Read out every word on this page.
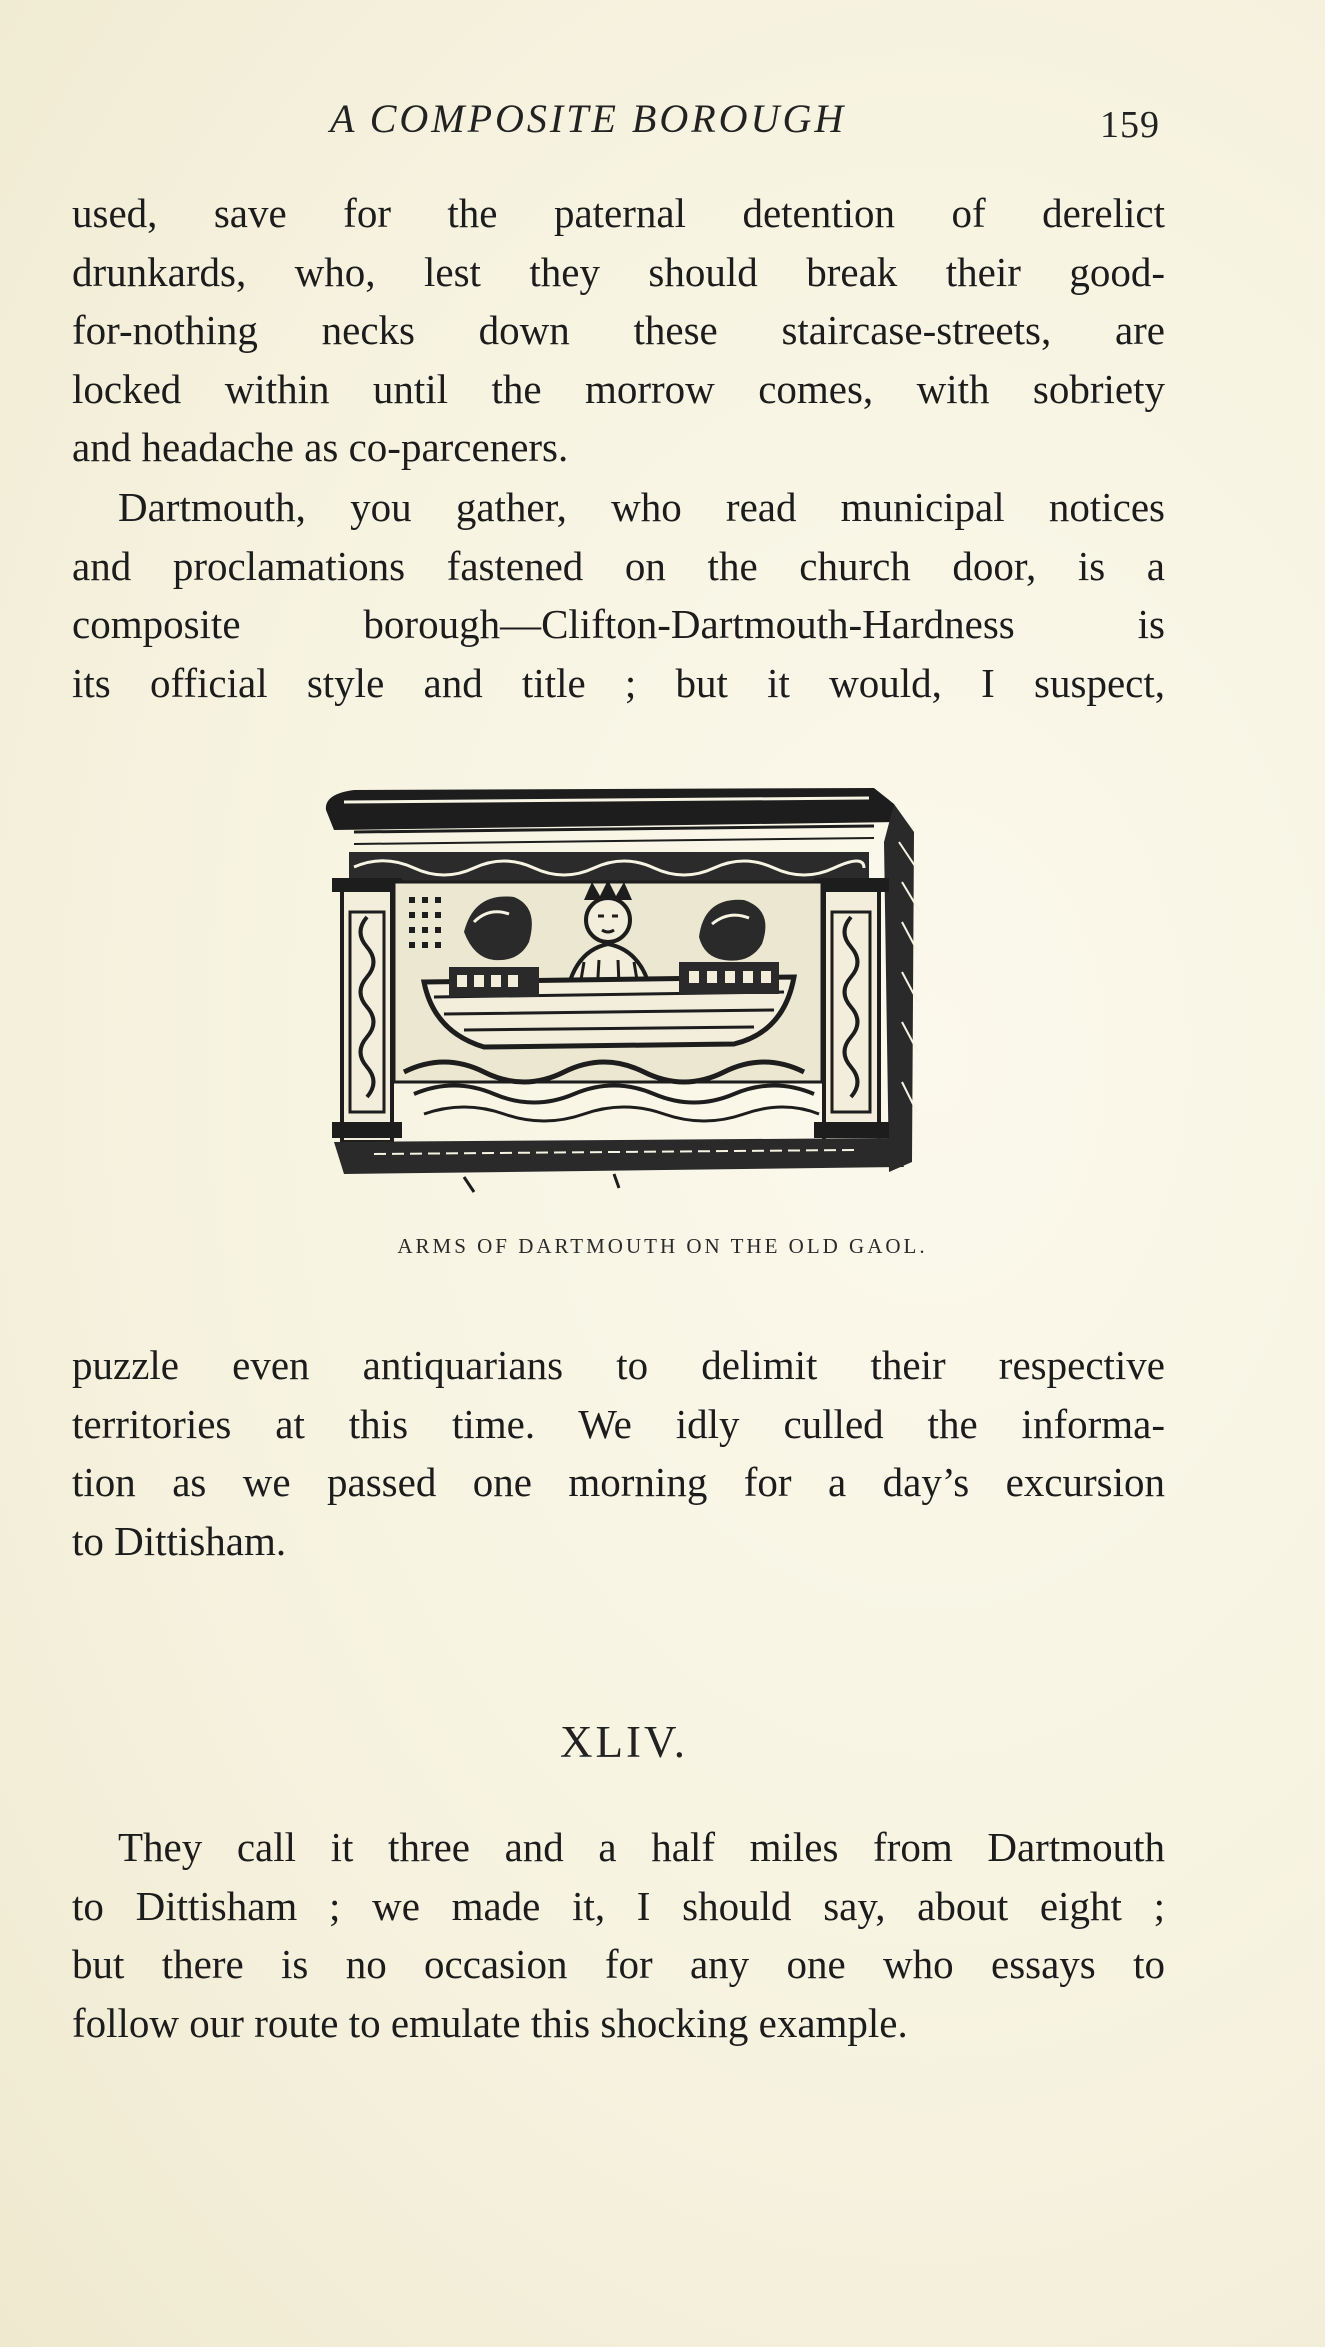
A COMPOSITE BOROUGH	159

used, save for the paternal detention of derelict
drunkards, who, lest they should break their good-
for-nothing necks down these staircase-streets, are
locked within until the morrow comes, with sobriety
and headache as co-parceners.

Dartmouth, you gather, who read municipal notices
and proclamations fastened on the church door, is a
composite borough—Clifton-Dartmouth-Hardness is
its official style and title ; but it would, I suspect,

ARMS OF DARTMOUTH ON THE OLD GAOL.

puzzle even antiquarians to delimit their respective
territories at this time. We idly culled the informa-
tion as we passed one morning for a day’s excursion
to Dittisham.

XLIV.

They call it three and a half miles from Dartmouth
to Dittisham ; we made it, I should say, about eight ;
but there is no occasion for any one who essays to
follow our route to emulate this shocking example.
